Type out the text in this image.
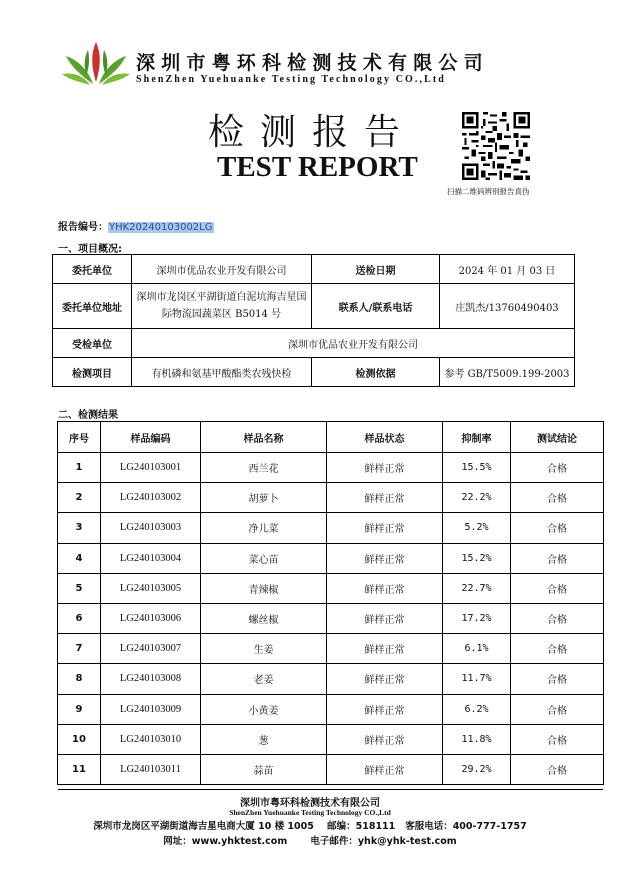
深圳市粤环科检测技术有限公司
ShenZhen Yuehuanke Testing Technology CO.,Ltd
检测报告
TEST REPORT
扫描二维码辨别报告真伪
报告编号：YHK20240103002LG
一、项目概况:
委托单位	深圳市优品农业开发有限公司	送检日期	2024 年 01 月 03 日
委托单位地址	深圳市龙岗区平湖街道白泥坑海吉星国际物流园蔬菜区 B5014 号	联系人/联系电话	庄凯杰/13760490403
受检单位	深圳市优品农业开发有限公司		
检测项目	有机磷和氨基甲酸酯类农残快检	检测依据	参考 GB/T5009.199-2003
二、检测结果
序号	样品编码	样品名称	样品状态	抑制率	测试结论
1	LG240103001	西兰花	鲜样正常	15.5%	合格
2	LG240103002	胡萝卜	鲜样正常	22.2%	合格
3	LG240103003	净儿菜	鲜样正常	5.2%	合格
4	LG240103004	菜心苗	鲜样正常	15.2%	合格
5	LG240103005	青辣椒	鲜样正常	22.7%	合格
6	LG240103006	螺丝椒	鲜样正常	17.2%	合格
7	LG240103007	生姜	鲜样正常	6.1%	合格
8	LG240103008	老姜	鲜样正常	11.7%	合格
9	LG240103009	小黄姜	鲜样正常	6.2%	合格
10	LG240103010	葱	鲜样正常	11.8%	合格
11	LG240103011	蒜苗	鲜样正常	29.2%	合格
深圳市粤环科检测技术有限公司
ShenZhen Yuehuanke Testing Technology CO.,Ltd
深圳市龙岗区平湖街道海吉星电商大厦 10 楼 1005    邮编：518111   客服电话：400-777-1757
网址：www.yhktest.com       电子邮件：yhk@yhk-test.com
